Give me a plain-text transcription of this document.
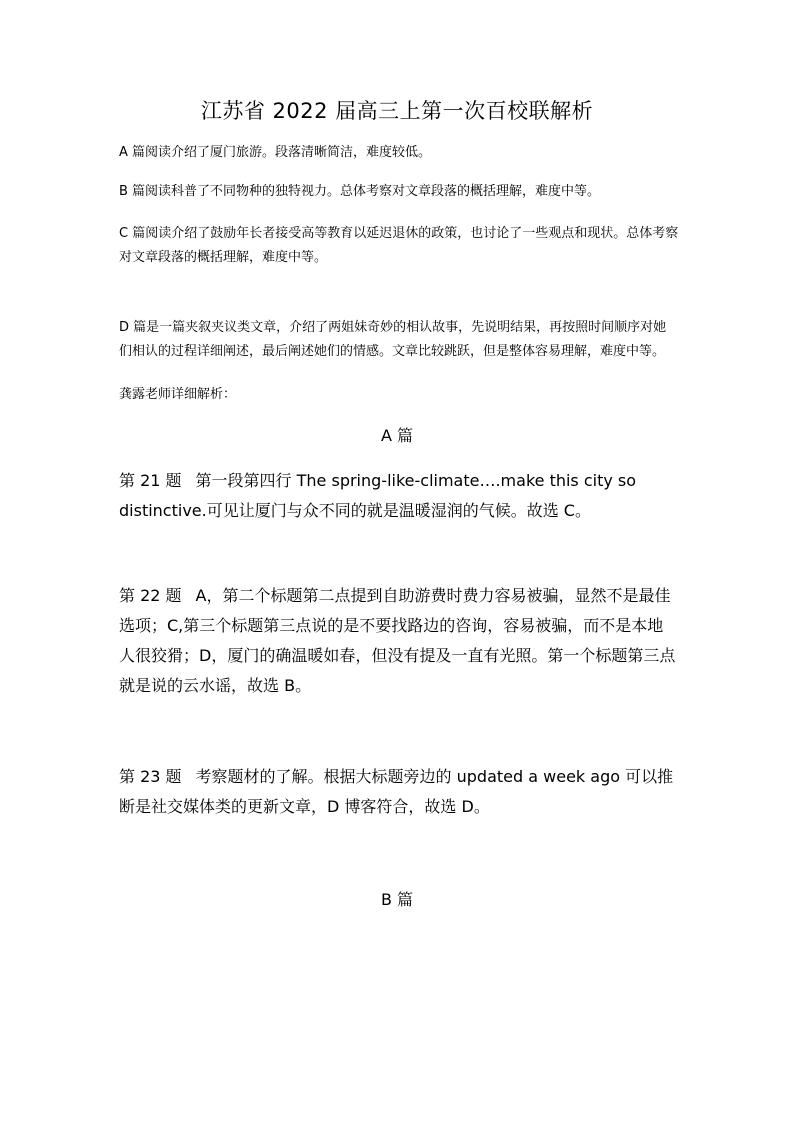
江苏省 2022 届高三上第一次百校联解析

A 篇阅读介绍了厦门旅游。段落清晰简洁，难度较低。

B 篇阅读科普了不同物种的独特视力。总体考察对文章段落的概括理解，难度中等。

C 篇阅读介绍了鼓励年长者接受高等教育以延迟退休的政策，也讨论了一些观点和现状。总体考察对文章段落的概括理解，难度中等。

D 篇是一篇夹叙夹议类文章，介绍了两姐妹奇妙的相认故事，先说明结果，再按照时间顺序对她们相认的过程详细阐述，最后阐述她们的情感。文章比较跳跃，但是整体容易理解，难度中等。

龚露老师详细解析：

A 篇

第 21 题 第一段第四行 The spring-like-climate….make this city so distinctive.可见让厦门与众不同的就是温暖湿润的气候。故选 C。

第 22 题 A，第二个标题第二点提到自助游费时费力容易被骗，显然不是最佳选项；C,第三个标题第三点说的是不要找路边的咨询，容易被骗，而不是本地人很狡猾；D，厦门的确温暖如春，但没有提及一直有光照。第一个标题第三点就是说的云水谣，故选 B。

第 23 题 考察题材的了解。根据大标题旁边的 updated a week ago 可以推断是社交媒体类的更新文章，D 博客符合，故选 D。

B 篇
